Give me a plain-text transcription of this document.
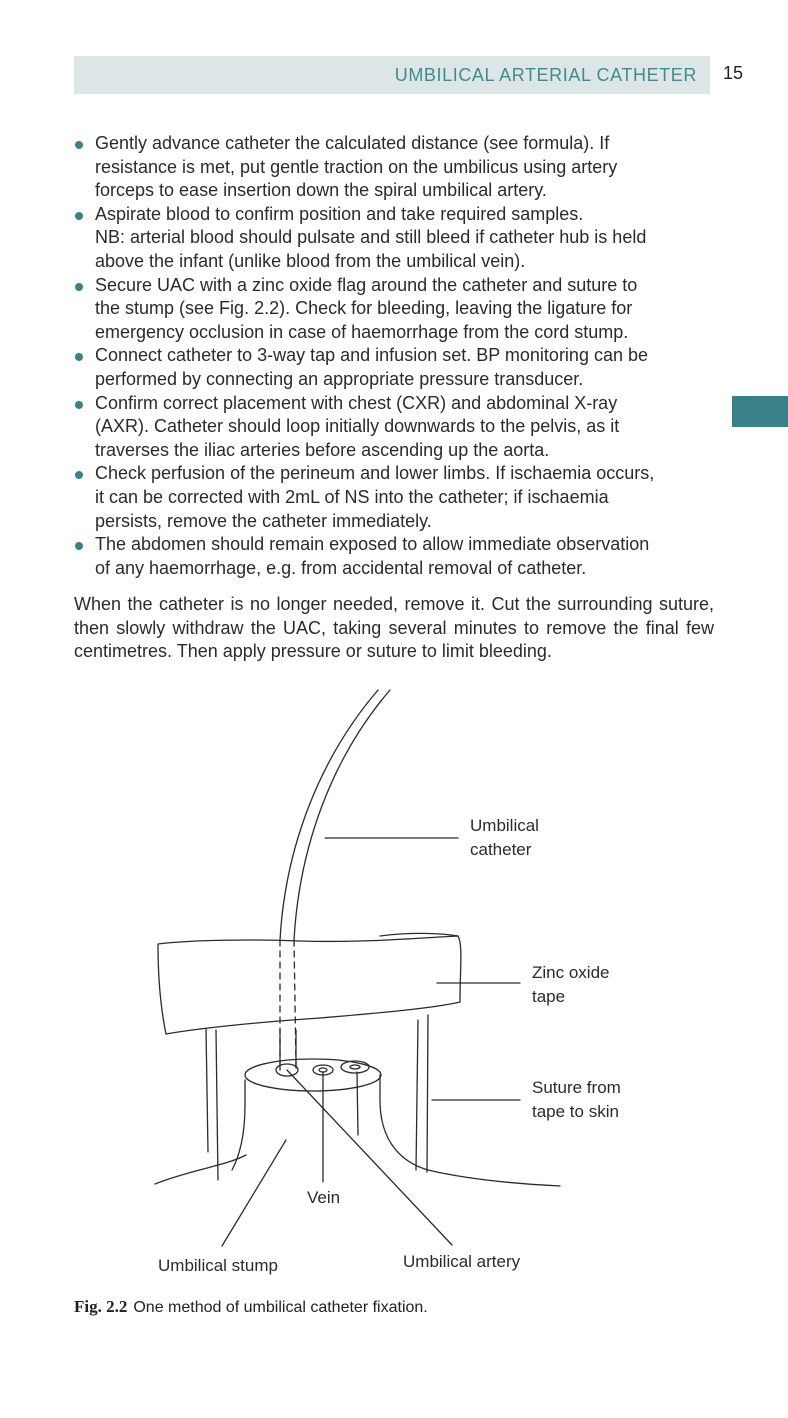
UMBILICAL ARTERIAL CATHETER 15
Gently advance catheter the calculated distance (see formula). If
resistance is met, put gentle traction on the umbilicus using artery
forceps to ease insertion down the spiral umbilical artery.
Aspirate blood to confirm position and take required samples.
NB: arterial blood should pulsate and still bleed if catheter hub is held
above the infant (unlike blood from the umbilical vein).
Secure UAC with a zinc oxide flag around the catheter and suture to
the stump (see Fig. 2.2). Check for bleeding, leaving the ligature for
emergency occlusion in case of haemorrhage from the cord stump.
Connect catheter to 3-way tap and infusion set. BP monitoring can be
performed by connecting an appropriate pressure transducer.
Confirm correct placement with chest (CXR) and abdominal X-ray
(AXR). Catheter should loop initially downwards to the pelvis, as it
traverses the iliac arteries before ascending up the aorta.
Check perfusion of the perineum and lower limbs. If ischaemia occurs,
it can be corrected with 2mL of NS into the catheter; if ischaemia
persists, remove the catheter immediately.
The abdomen should remain exposed to allow immediate observation
of any haemorrhage, e.g. from accidental removal of catheter.

When the catheter is no longer needed, remove it. Cut the surrounding suture, then slowly withdraw the UAC, taking several minutes to remove the final few centimetres. Then apply pressure or suture to limit bleeding.

Umbilical
catheter
Zinc oxide
tape
Suture from
tape to skin
Vein
Umbilical stump	Umbilical artery
Fig. 2.2 One method of umbilical catheter fixation.
